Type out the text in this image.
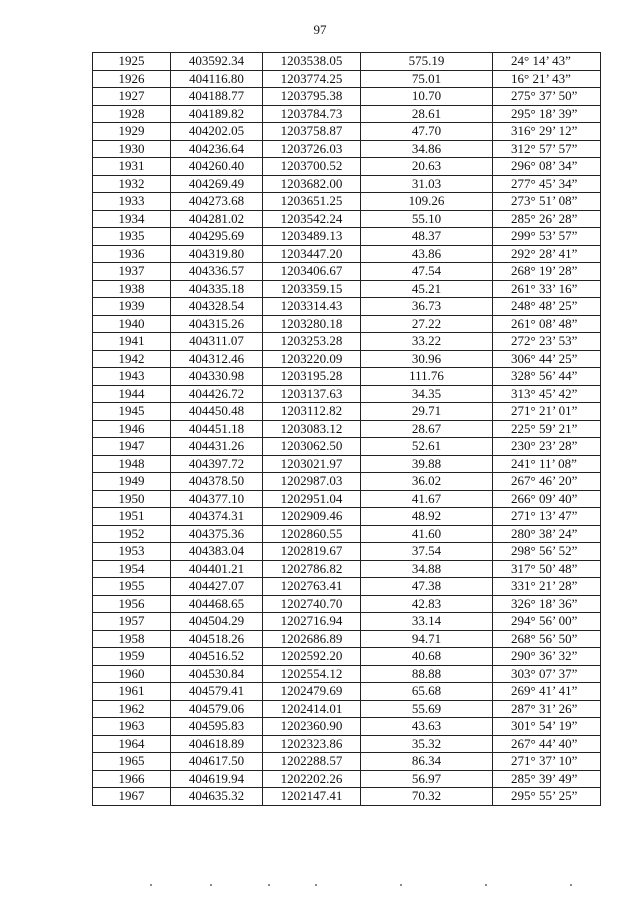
97
1925	403592.34	1203538.05	575.19	24° 14’ 43”
1926	404116.80	1203774.25	75.01	16° 21’ 43”
1927	404188.77	1203795.38	10.70	275° 37’ 50”
1928	404189.82	1203784.73	28.61	295° 18’ 39”
1929	404202.05	1203758.87	47.70	316° 29’ 12”
1930	404236.64	1203726.03	34.86	312° 57’ 57”
1931	404260.40	1203700.52	20.63	296° 08’ 34”
1932	404269.49	1203682.00	31.03	277° 45’ 34”
1933	404273.68	1203651.25	109.26	273° 51’ 08”
1934	404281.02	1203542.24	55.10	285° 26’ 28”
1935	404295.69	1203489.13	48.37	299° 53’ 57”
1936	404319.80	1203447.20	43.86	292° 28’ 41”
1937	404336.57	1203406.67	47.54	268° 19’ 28”
1938	404335.18	1203359.15	45.21	261° 33’ 16”
1939	404328.54	1203314.43	36.73	248° 48’ 25”
1940	404315.26	1203280.18	27.22	261° 08’ 48”
1941	404311.07	1203253.28	33.22	272° 23’ 53”
1942	404312.46	1203220.09	30.96	306° 44’ 25”
1943	404330.98	1203195.28	111.76	328° 56’ 44”
1944	404426.72	1203137.63	34.35	313° 45’ 42”
1945	404450.48	1203112.82	29.71	271° 21’ 01”
1946	404451.18	1203083.12	28.67	225° 59’ 21”
1947	404431.26	1203062.50	52.61	230° 23’ 28”
1948	404397.72	1203021.97	39.88	241° 11’ 08”
1949	404378.50	1202987.03	36.02	267° 46’ 20”
1950	404377.10	1202951.04	41.67	266° 09’ 40”
1951	404374.31	1202909.46	48.92	271° 13’ 47”
1952	404375.36	1202860.55	41.60	280° 38’ 24”
1953	404383.04	1202819.67	37.54	298° 56’ 52”
1954	404401.21	1202786.82	34.88	317° 50’ 48”
1955	404427.07	1202763.41	47.38	331° 21’ 28”
1956	404468.65	1202740.70	42.83	326° 18’ 36”
1957	404504.29	1202716.94	33.14	294° 56’ 00”
1958	404518.26	1202686.89	94.71	268° 56’ 50”
1959	404516.52	1202592.20	40.68	290° 36’ 32”
1960	404530.84	1202554.12	88.88	303° 07’ 37”
1961	404579.41	1202479.69	65.68	269° 41’ 41”
1962	404579.06	1202414.01	55.69	287° 31’ 26”
1963	404595.83	1202360.90	43.63	301° 54’ 19”
1964	404618.89	1202323.86	35.32	267° 44’ 40”
1965	404617.50	1202288.57	86.34	271° 37’ 10”
1966	404619.94	1202202.26	56.97	285° 39’ 49”
1967	404635.32	1202147.41	70.32	295° 55’ 25”
